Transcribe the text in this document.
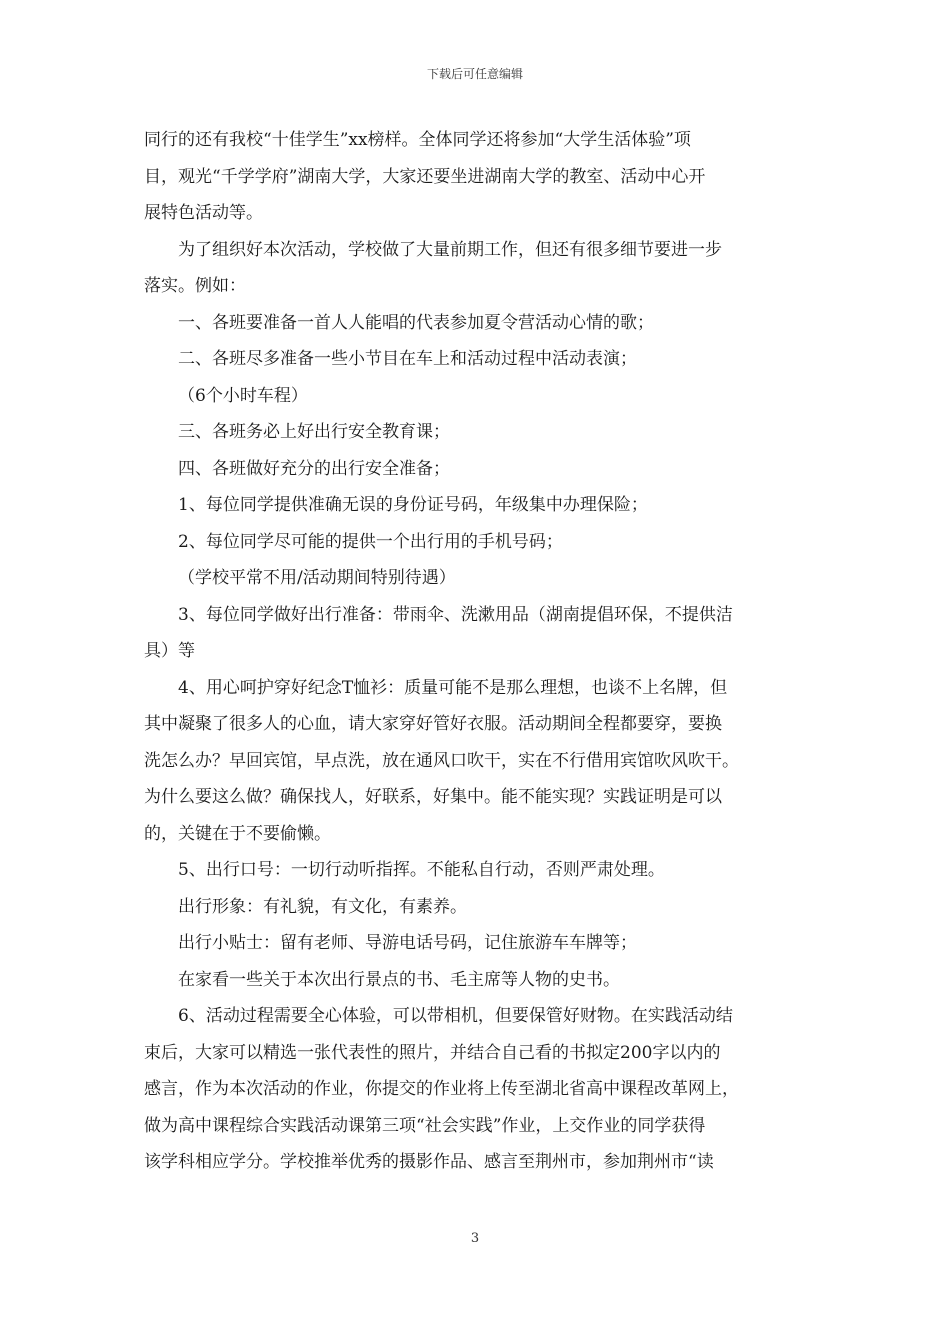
下载后可任意编辑
同行的还有我校“十佳学生”xx榜样。全体同学还将参加“大学生活体验”项
目，观光“千学学府”湖南大学，大家还要坐进湖南大学的教室、活动中心开
展特色活动等。
为了组织好本次活动，学校做了大量前期工作，但还有很多细节要进一步
落实。例如：
一、各班要准备一首人人能唱的代表参加夏令营活动心情的歌；
二、各班尽多准备一些小节目在车上和活动过程中活动表演；
（6个小时车程）
三、各班务必上好出行安全教育课；
四、各班做好充分的出行安全准备；
1、每位同学提供准确无误的身份证号码，年级集中办理保险；
2、每位同学尽可能的提供一个出行用的手机号码；
（学校平常不用/活动期间特别待遇）
3、每位同学做好出行准备：带雨伞、洗漱用品（湖南提倡环保，不提供洁
具）等
4、用心呵护穿好纪念T恤衫：质量可能不是那么理想，也谈不上名牌，但
其中凝聚了很多人的心血，请大家穿好管好衣服。活动期间全程都要穿，要换
洗怎么办？早回宾馆，早点洗，放在通风口吹干，实在不行借用宾馆吹风吹干。
为什么要这么做？确保找人，好联系，好集中。能不能实现？实践证明是可以
的，关键在于不要偷懒。
5、出行口号：一切行动听指挥。不能私自行动，否则严肃处理。
出行形象：有礼貌，有文化，有素养。
出行小贴士：留有老师、导游电话号码，记住旅游车车牌等；
在家看一些关于本次出行景点的书、毛主席等人物的史书。
6、活动过程需要全心体验，可以带相机，但要保管好财物。在实践活动结
束后，大家可以精选一张代表性的照片，并结合自己看的书拟定200字以内的
感言，作为本次活动的作业，你提交的作业将上传至湖北省高中课程改革网上，
做为高中课程综合实践活动课第三项“社会实践”作业，上交作业的同学获得
该学科相应学分。学校推举优秀的摄影作品、感言至荆州市，参加荆州市“读
3
